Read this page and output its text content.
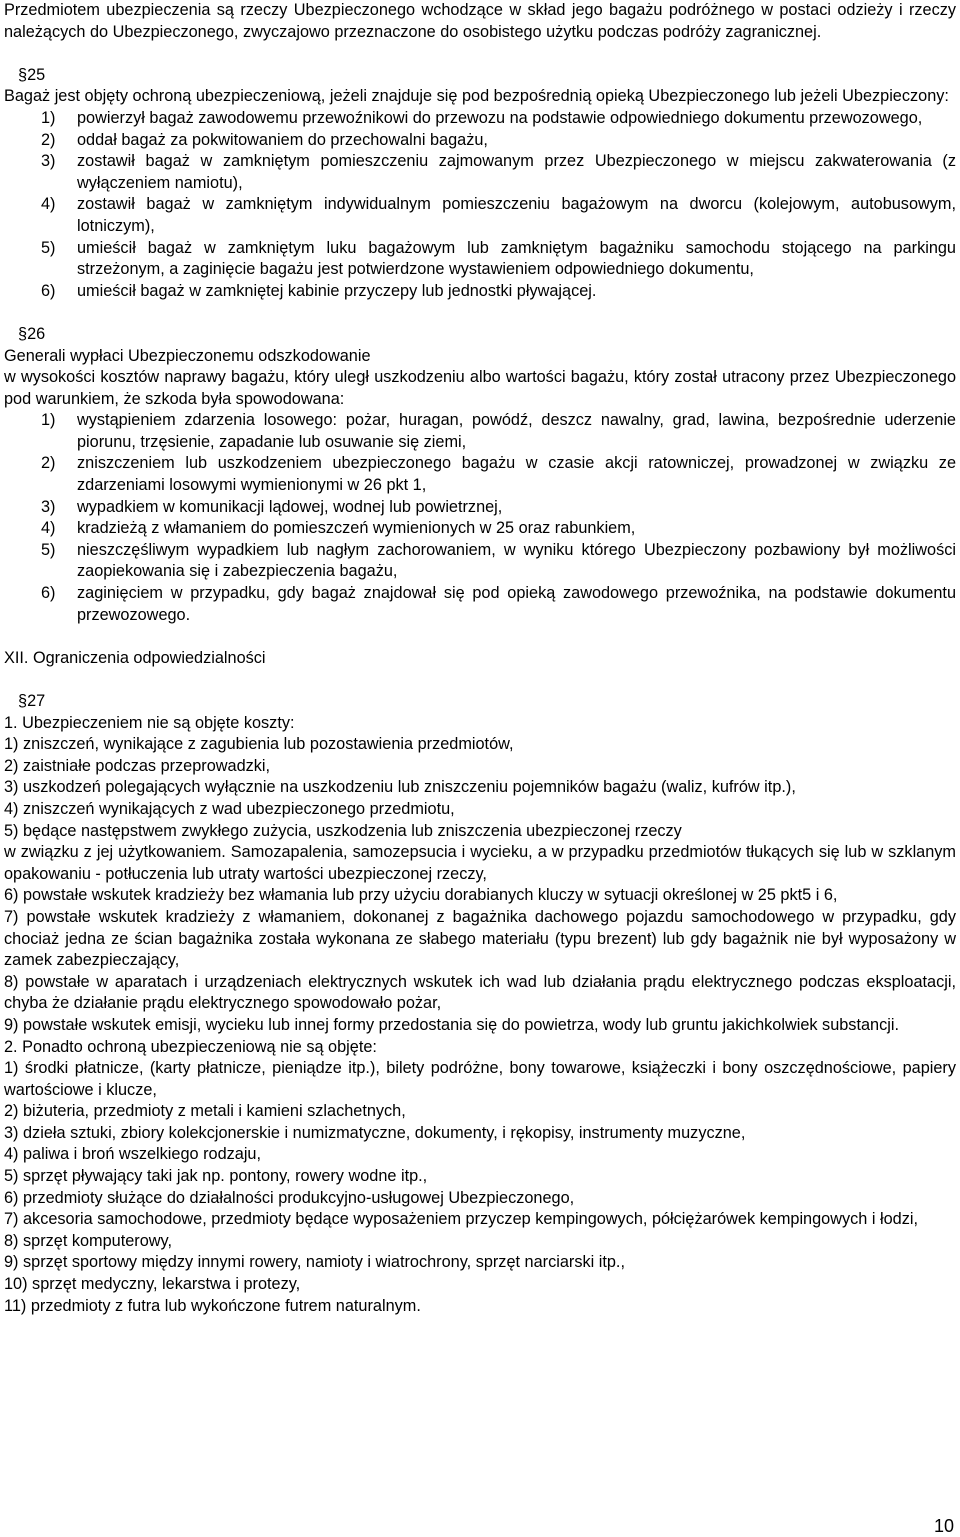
Przedmiotem ubezpieczenia są rzeczy Ubezpieczonego wchodzące w skład jego bagażu podróżnego w postaci odzieży i rzeczy należących do Ubezpieczonego, zwyczajowo przeznaczone do osobistego użytku podczas podróży zagranicznej.

§25

Bagaż jest objęty ochroną ubezpieczeniową, jeżeli znajduje się pod bezpośrednią opieką Ubezpieczonego lub jeżeli Ubezpieczony:

1) powierzył bagaż zawodowemu przewoźnikowi do przewozu na podstawie odpowiedniego dokumentu przewozowego,
2) oddał bagaż za pokwitowaniem do przechowalni bagażu,
3) zostawił bagaż w zamkniętym pomieszczeniu zajmowanym przez Ubezpieczonego w miejscu zakwaterowania (z wyłączeniem namiotu),
4) zostawił bagaż w zamkniętym indywidualnym pomieszczeniu bagażowym na dworcu (kolejowym, autobusowym, lotniczym),
5) umieścił bagaż w zamkniętym luku bagażowym lub zamkniętym bagażniku samochodu stojącego na parkingu strzeżonym, a zaginięcie bagażu jest potwierdzone wystawieniem odpowiedniego dokumentu,
6) umieścił bagaż w zamkniętej kabinie przyczepy lub jednostki pływającej.

§26

Generali wypłaci Ubezpieczonemu odszkodowanie

w wysokości kosztów naprawy bagażu, który uległ uszkodzeniu albo wartości bagażu, który został utracony przez Ubezpieczonego pod warunkiem, że szkoda była spowodowana:

1) wystąpieniem zdarzenia losowego: pożar, huragan, powódź, deszcz nawalny, grad, lawina, bezpośrednie uderzenie piorunu, trzęsienie, zapadanie lub osuwanie się ziemi,
2) zniszczeniem lub uszkodzeniem ubezpieczonego bagażu w czasie akcji ratowniczej, prowadzonej w związku ze zdarzeniami losowymi wymienionymi w 26 pkt 1,
3) wypadkiem w komunikacji lądowej, wodnej lub powietrznej,
4) kradzieżą z włamaniem do pomieszczeń wymienionych w 25 oraz rabunkiem,
5) nieszczęśliwym wypadkiem lub nagłym zachorowaniem, w wyniku którego Ubezpieczony pozbawiony był możliwości zaopiekowania się i zabezpieczenia bagażu,
6) zaginięciem w przypadku, gdy bagaż znajdował się pod opieką zawodowego przewoźnika, na podstawie dokumentu przewozowego.

XII. Ograniczenia odpowiedzialności

§27

1. Ubezpieczeniem nie są objęte koszty:

1) zniszczeń, wynikające z zagubienia lub pozostawienia przedmiotów,

2) zaistniałe podczas przeprowadzki,

3) uszkodzeń polegających wyłącznie na uszkodzeniu lub zniszczeniu pojemników bagażu (waliz, kufrów itp.),

4) zniszczeń wynikających z wad ubezpieczonego przedmiotu,

5) będące następstwem zwykłego zużycia, uszkodzenia lub zniszczenia ubezpieczonej rzeczy

w związku z jej użytkowaniem. Samozapalenia, samozepsucia i wycieku, a w przypadku przedmiotów tłukących się lub w szklanym opakowaniu - potłuczenia lub utraty wartości ubezpieczonej rzeczy,

6) powstałe wskutek kradzieży bez włamania lub przy użyciu dorabianych kluczy w sytuacji określonej w 25 pkt5 i 6,

7) powstałe wskutek kradzieży z włamaniem, dokonanej z bagażnika dachowego pojazdu samochodowego w przypadku, gdy chociaż jedna ze ścian bagażnika została wykonana ze słabego materiału (typu brezent) lub gdy bagażnik nie był wyposażony w zamek zabezpieczający,

8) powstałe w aparatach i urządzeniach elektrycznych wskutek ich wad lub działania prądu elektrycznego podczas eksploatacji, chyba że działanie prądu elektrycznego spowodowało pożar,

9) powstałe wskutek emisji, wycieku lub innej formy przedostania się do powietrza, wody lub gruntu jakichkolwiek substancji.

2. Ponadto ochroną ubezpieczeniową nie są objęte:

1) środki płatnicze, (karty płatnicze, pieniądze itp.), bilety podróżne, bony towarowe, książeczki i bony oszczędnościowe, papiery wartościowe i klucze,

2) biżuteria, przedmioty z metali i kamieni szlachetnych,

3) dzieła sztuki, zbiory kolekcjonerskie i numizmatyczne, dokumenty, i rękopisy, instrumenty muzyczne,

4) paliwa i broń wszelkiego rodzaju,

5) sprzęt pływający taki jak np. pontony, rowery wodne itp.,

6) przedmioty służące do działalności produkcyjno-usługowej Ubezpieczonego,

7) akcesoria samochodowe, przedmioty będące wyposażeniem przyczep kempingowych, półciężarówek kempingowych i łodzi,

8) sprzęt komputerowy,

9) sprzęt sportowy między innymi rowery, namioty i wiatrochrony, sprzęt narciarski itp.,

10) sprzęt medyczny, lekarstwa i protezy,

11) przedmioty z futra lub wykończone futrem naturalnym.

10
